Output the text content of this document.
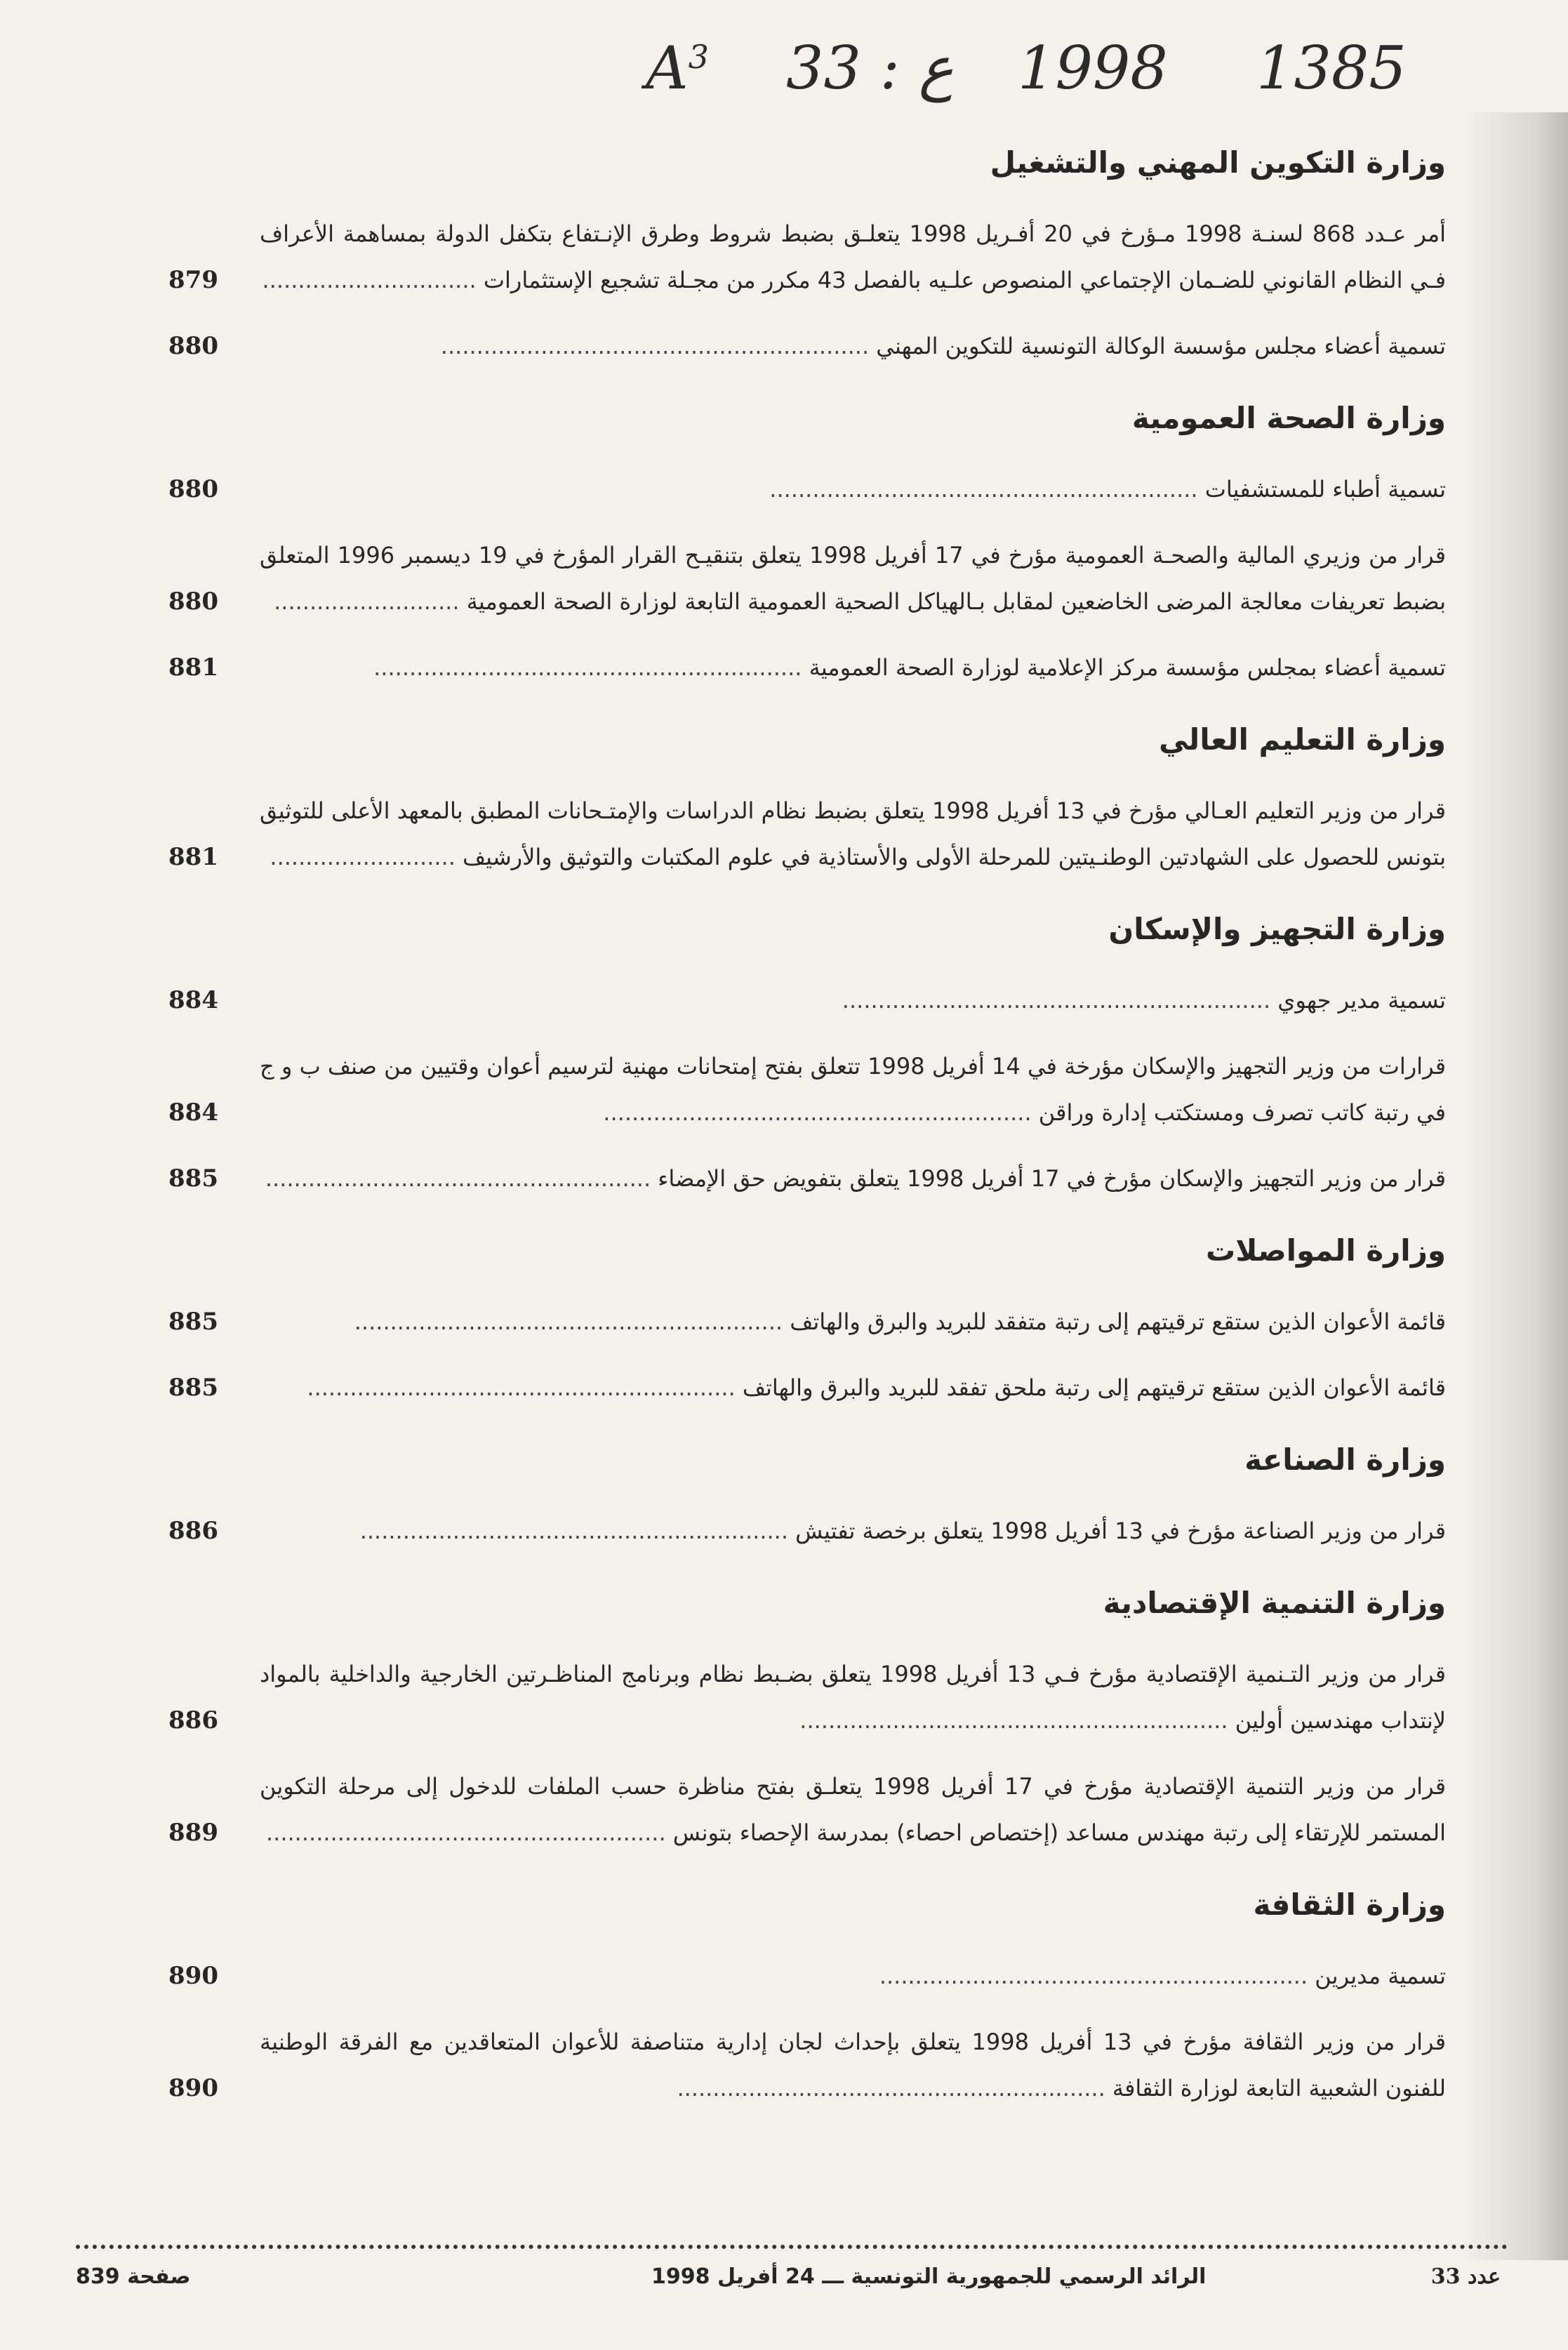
$A^3$ 33 : ع 1998 1385
وزارة التكوين المهني والتشغيل
أمر عـدد 868 لسنـة 1998 مـؤرخ في 20 أفـريل 1998 يتعلـق بضبط شروط وطرق الإنـتفاع بتكفل الدولة بمساهمة الأعراف فـي النظام القانوني للضـمان الإجتماعي المنصوص علـيه بالفصل 43 مكرر من مجـلة تشجيع الإستثمارات ..............................
879
تسمية أعضاء مجلس مؤسسة الوكالة التونسية للتكوين المهني ............................................................
880
وزارة الصحة العمومية
تسمية أطباء للمستشفيات ............................................................
880
قرار من وزيري المالية والصحـة العمومية مؤرخ في 17 أفريل 1998 يتعلق بتنقيـح القرار المؤرخ في 19 ديسمبر 1996 المتعلق بضبط تعريفات معالجة المرضى الخاضعين لمقابل بـالهياكل الصحية العمومية التابعة لوزارة الصحة العمومية ..........................
880
تسمية أعضاء بمجلس مؤسسة مركز الإعلامية لوزارة الصحة العمومية ............................................................
881
وزارة التعليم العالي
قرار من وزير التعليم العـالي مؤرخ في 13 أفريل 1998 يتعلق بضبط نظام الدراسات والإمتـحانات المطبق بالمعهد الأعلى للتوثيق بتونس للحصول على الشهادتين الوطنـيتين للمرحلة الأولى والأستاذية في علوم المكتبات والتوثيق والأرشيف ..........................
881
وزارة التجهيز والإسكان
تسمية مدير جهوي ............................................................
884
قرارات من وزير التجهيز والإسكان مؤرخة في 14 أفريل 1998 تتعلق بفتح إمتحانات مهنية لترسيم أعوان وقتيين من صنف ب و ج في رتبة كاتب تصرف ومستكتب إدارة وراقن ............................................................
884
قرار من وزير التجهيز والإسكان مؤرخ في 17 أفريل 1998 يتعلق بتفويض حق الإمضاء ......................................................
885
وزارة المواصلات
قائمة الأعوان الذين ستقع ترقيتهم إلى رتبة متفقد للبريد والبرق والهاتف ............................................................
885
قائمة الأعوان الذين ستقع ترقيتهم إلى رتبة ملحق تفقد للبريد والبرق والهاتف ............................................................
885
وزارة الصناعة
قرار من وزير الصناعة مؤرخ في 13 أفريل 1998 يتعلق برخصة تفتيش ............................................................
886
وزارة التنمية الإقتصادية
قرار من وزير التـنمية الإقتصادية مؤرخ فـي 13 أفريل 1998 يتعلق بضـبط نظام وبرنامج المناظـرتين الخارجية والداخلية بالمواد لإنتداب مهندسين أولين ............................................................
886
قرار من وزير التنمية الإقتصادية مؤرخ في 17 أفريل 1998 يتعلـق بفتح مناظرة حسب الملفات للدخول إلى مرحلة التكوين المستمر للإرتقاء إلى رتبة مهندس مساعد (إختصاص احصاء) بمدرسة الإحصاء بتونس ........................................................
889
وزارة الثقافة
تسمية مديرين ............................................................
890
قرار من وزير الثقافة مؤرخ في 13 أفريل 1998 يتعلق بإحداث لجان إدارية متناصفة للأعوان المتعاقدين مع الفرقة الوطنية للفنون الشعبية التابعة لوزارة الثقافة ............................................................
890
صفحة 839	الرائد الرسمي للجمهورية التونسية ـــ 24 أفريل 1998	عدد 33
